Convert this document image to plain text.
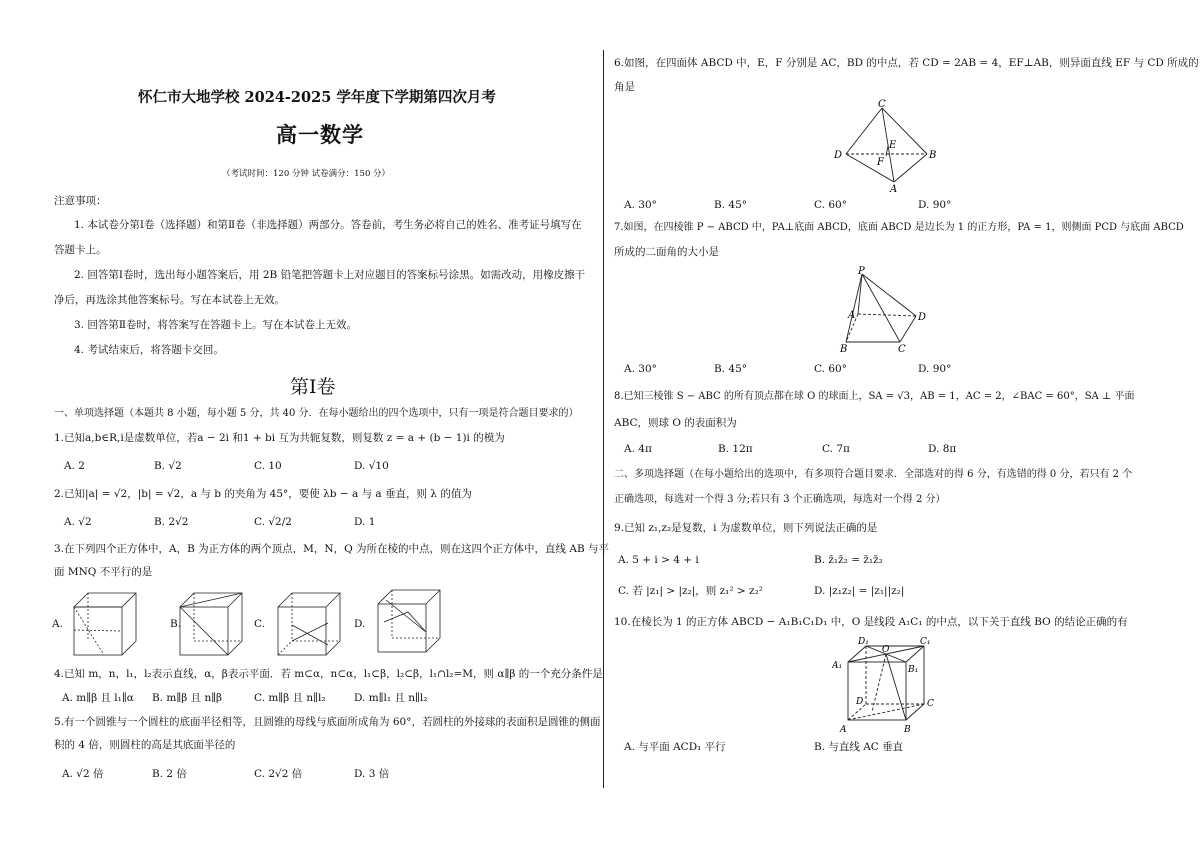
怀仁市大地学校 2024-2025 学年度下学期第四次月考
高一数学
（考试时间：120 分钟 试卷满分：150 分）
注意事项：
1. 本试卷分第Ⅰ卷（选择题）和第Ⅱ卷（非选择题）两部分。答卷前，考生务必将自己的姓名、准考证号填写在
答题卡上。
2. 回答第Ⅰ卷时，选出每小题答案后，用 2B 铅笔把答题卡上对应题目的答案标号涂黑。如需改动，用橡皮擦干
净后，再选涂其他答案标号。写在本试卷上无效。
3. 回答第Ⅱ卷时，将答案写在答题卡上。写在本试卷上无效。
4. 考试结束后，将答题卡交回。
第Ⅰ卷
一、单项选择题（本题共 8 小题，每小题 5 分，共 40 分．在每小题给出的四个选项中，只有一项是符合题目要求的）
1.已知a,b∈R,i是虚数单位，若a − 2i 和1 + bi 互为共轭复数，则复数 z = a + (b − 1)i 的模为
A. 2	B. √2	C. 10	D. √10
2.已知|a| = √2，|b| = √2，a 与 b 的夹角为 45°，要使 λb − a 与 a 垂直，则 λ 的值为
A. √2	B. 2√2	C. √2/2	D. 1
3.在下列四个正方体中，A，B 为正方体的两个顶点，M，N，Q 为所在棱的中点，则在这四个正方体中，直线 AB 与平
面 MNQ 不平行的是
A.	B.	C.	D.
4.已知 m，n，l₁，l₂表示直线，α，β表示平面．若 m⊂α，n⊂α，l₁⊂β，l₂⊂β，l₁∩l₂=M，则 α∥β 的一个充分条件是
A. m∥β 且 l₁∥α B. m∥β 且 n∥β	C. m∥β 且 n∥l₂	D. m∥l₁ 且 n∥l₂
5.有一个圆锥与一个圆柱的底面半径相等，且圆锥的母线与底面所成角为 60°，若圆柱的外接球的表面积是圆锥的侧面
积的 4 倍，则圆柱的高是其底面半径的
A. √2 倍	B. 2 倍	C. 2√2 倍	D. 3 倍
6.如图，在四面体 ABCD 中，E，F 分别是 AC，BD 的中点，若 CD = 2AB = 4，EF⊥AB，则异面直线 EF 与 CD 所成的
角是
C
D
E
B
F
A
A. 30°	B. 45°	C. 60°	D. 90°
7.如图，在四棱锥 P − ABCD 中，PA⊥底面 ABCD，底面 ABCD 是边长为 1 的正方形，PA = 1，则侧面 PCD 与底面 ABCD
所成的二面角的大小是
P
A	D
B	C
A. 30°	B. 45°	C. 60°	D. 90°
8.已知三棱锥 S − ABC 的所有顶点都在球 O 的球面上，SA = √3，AB = 1，AC = 2，∠BAC = 60°，SA ⊥ 平面
ABC，则球 O 的表面积为
A. 4π	B. 12π	C. 7π	D. 8π
二、多项选择题（在每小题给出的选项中，有多项符合题目要求．全部选对的得 6 分，有选错的得 0 分，若只有 2 个
正确选项，每选对一个得 3 分;若只有 3 个正确选项，每选对一个得 2 分）
9.已知 z₁,z₂是复数，i 为虚数单位，则下列说法正确的是
A. 5 + i > 4 + i	B. z̄₁z̄₂ = z̄₁z̄₂
C. 若 |z₁| > |z₂|，则 z₁² > z₂²	D. |z₁z₂| = |z₁||z₂|
10.在棱长为 1 的正方体 ABCD − A₁B₁C₁D₁ 中，O 是线段 A₁C₁ 的中点，以下关于直线 BO 的结论正确的有
D₁	C₁
A₁
O
B₁
D	C
A	B
A. 与平面 ACD₁ 平行	B. 与直线 AC 垂直
